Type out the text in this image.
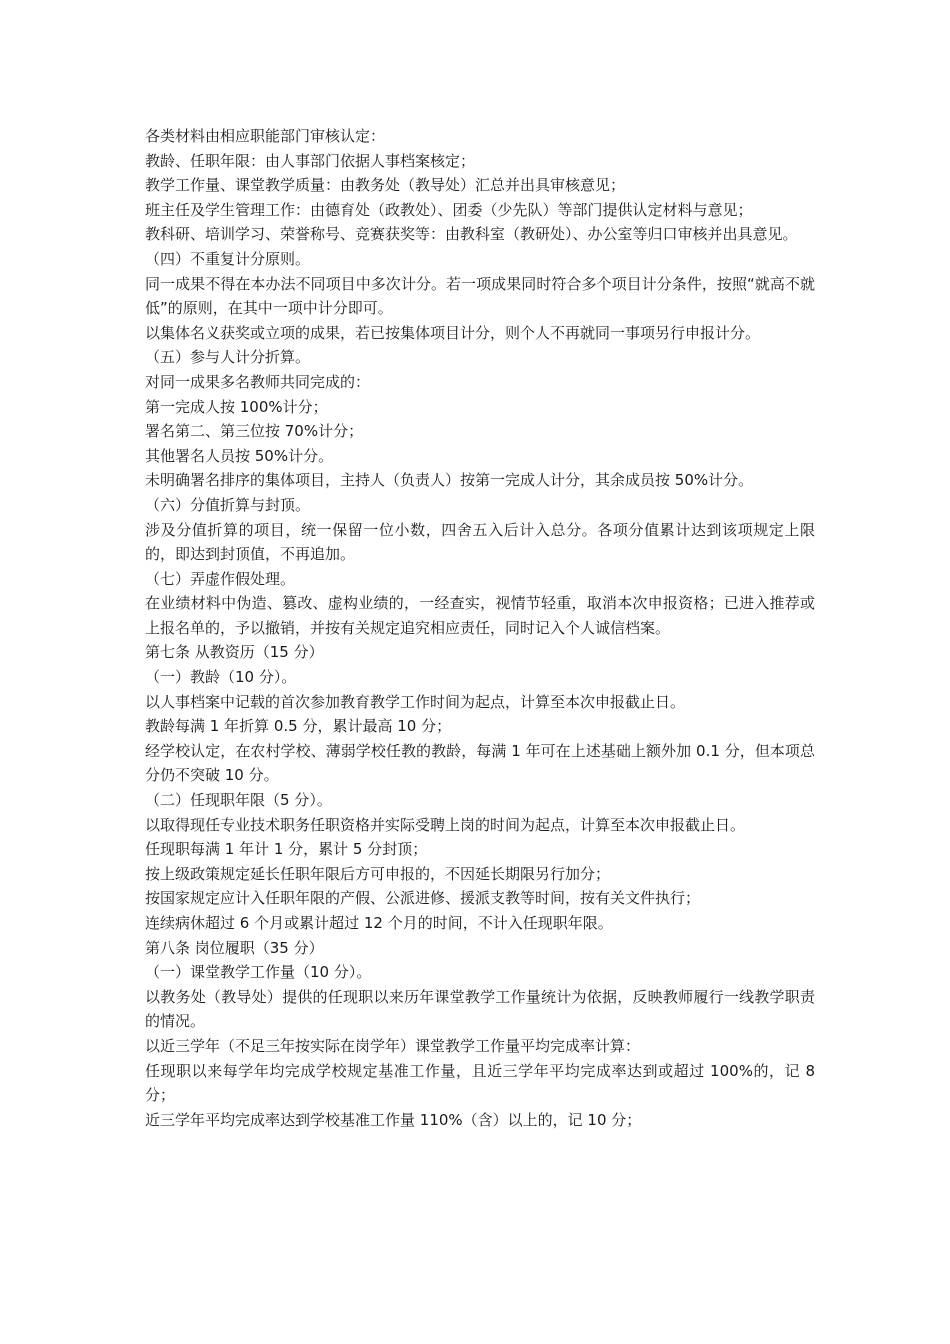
各类材料由相应职能部门审核认定：

教龄、任职年限：由人事部门依据人事档案核定；

教学工作量、课堂教学质量：由教务处（教导处）汇总并出具审核意见；

班主任及学生管理工作：由德育处（政教处）、团委（少先队）等部门提供认定材料与意见；

教科研、培训学习、荣誉称号、竞赛获奖等：由教科室（教研处）、办公室等归口审核并出具意见。

（四）不重复计分原则。

同一成果不得在本办法不同项目中多次计分。若一项成果同时符合多个项目计分条件，按照“就高不就低”的原则，在其中一项中计分即可。

以集体名义获奖或立项的成果，若已按集体项目计分，则个人不再就同一事项另行申报计分。

（五）参与人计分折算。

对同一成果多名教师共同完成的：

第一完成人按 100%计分；

署名第二、第三位按 70%计分；

其他署名人员按 50%计分。

未明确署名排序的集体项目，主持人（负责人）按第一完成人计分，其余成员按 50%计分。

（六）分值折算与封顶。

涉及分值折算的项目，统一保留一位小数，四舍五入后计入总分。各项分值累计达到该项规定上限的，即达到封顶值，不再追加。

（七）弄虚作假处理。

在业绩材料中伪造、篡改、虚构业绩的，一经查实，视情节轻重，取消本次申报资格；已进入推荐或上报名单的，予以撤销，并按有关规定追究相应责任，同时记入个人诚信档案。

第七条 从教资历（15 分）

（一）教龄（10 分）。

以人事档案中记载的首次参加教育教学工作时间为起点，计算至本次申报截止日。

教龄每满 1 年折算 0.5 分，累计最高 10 分；

经学校认定，在农村学校、薄弱学校任教的教龄，每满 1 年可在上述基础上额外加 0.1 分，但本项总分仍不突破 10 分。

（二）任现职年限（5 分）。

以取得现任专业技术职务任职资格并实际受聘上岗的时间为起点，计算至本次申报截止日。

任现职每满 1 年计 1 分，累计 5 分封顶；

按上级政策规定延长任职年限后方可申报的，不因延长期限另行加分；

按国家规定应计入任职年限的产假、公派进修、援派支教等时间，按有关文件执行；

连续病休超过 6 个月或累计超过 12 个月的时间，不计入任现职年限。

第八条 岗位履职（35 分）

（一）课堂教学工作量（10 分）。

以教务处（教导处）提供的任现职以来历年课堂教学工作量统计为依据，反映教师履行一线教学职责的情况。

以近三学年（不足三年按实际在岗学年）课堂教学工作量平均完成率计算：

任现职以来每学年均完成学校规定基准工作量，且近三学年平均完成率达到或超过 100%的，记 8 分；

近三学年平均完成率达到学校基准工作量 110%（含）以上的，记 10 分；
